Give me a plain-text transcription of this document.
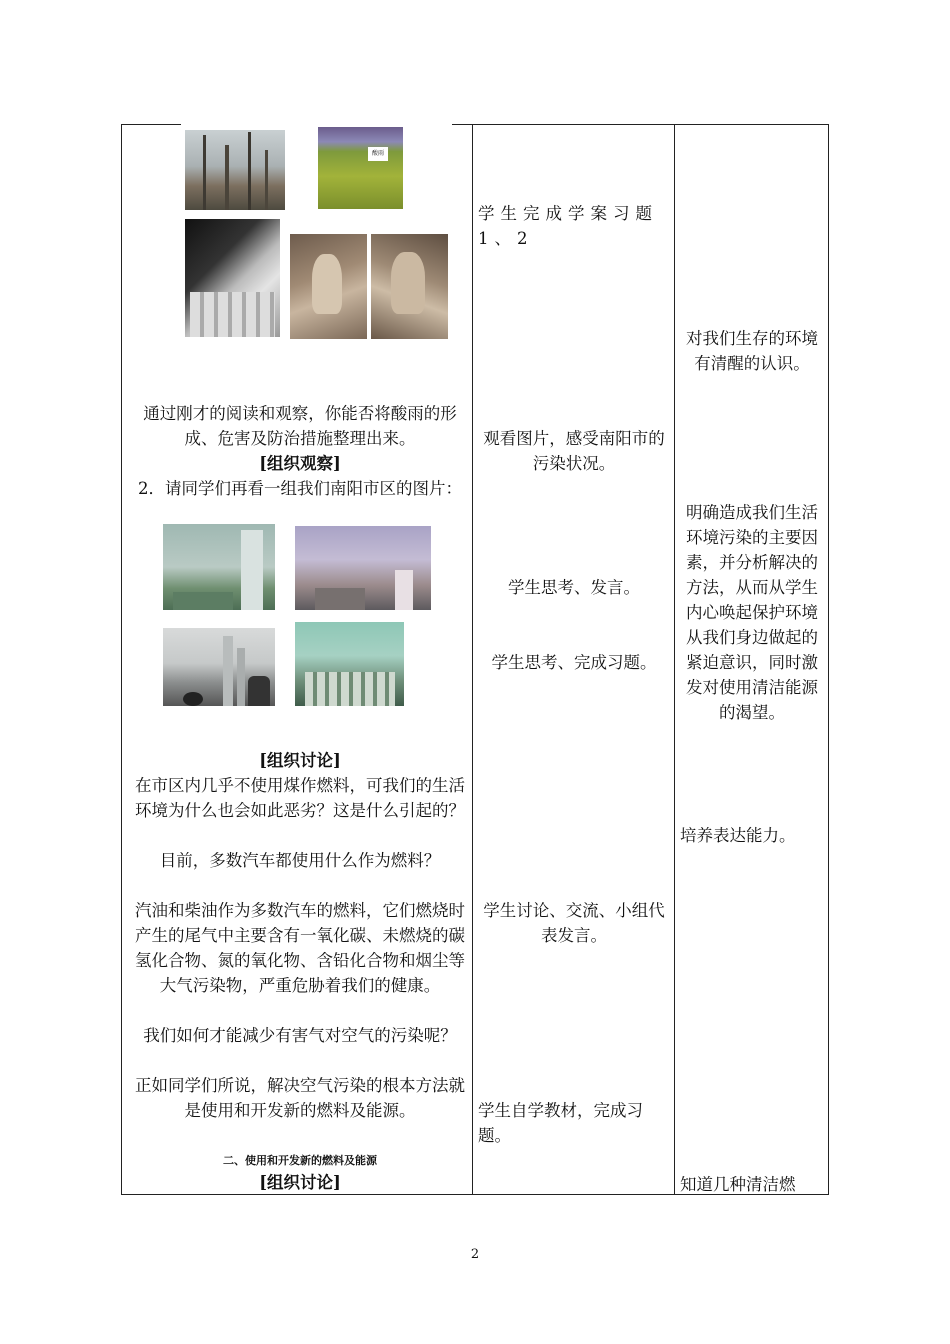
酸雨
通过刚才的阅读和观察，你能否将酸雨的形成、危害及防治措施整理出来。
[组织观察]
2．请同学们再看一组我们南阳市区的图片：
[组织讨论]
在市区内几乎不使用煤作燃料，可我们的生活环境为什么也会如此恶劣？这是什么引起的？
目前，多数汽车都使用什么作为燃料？
汽油和柴油作为多数汽车的燃料，它们燃烧时产生的尾气中主要含有一氧化碳、未燃烧的碳氢化合物、氮的氧化物、含铅化合物和烟尘等大气污染物，严重危胁着我们的健康。
我们如何才能减少有害气对空气的污染呢？
正如同学们所说，解决空气污染的根本方法就是使用和开发新的燃料及能源。
二、使用和开发新的燃料及能源
[组织讨论]
学生完成学案习题1、2
观看图片，感受南阳市的污染状况。
学生思考、发言。
学生思考、完成习题。
学生讨论、交流、小组代表发言。
学生自学教材，完成习题。
对我们生存的环境有清醒的认识。
明确造成我们生活环境污染的主要因素，并分析解决的方法，从而从学生内心唤起保护环境从我们身边做起的紧迫意识，同时激发对使用清洁能源的渴望。
培养表达能力。
知道几种清洁燃
2
